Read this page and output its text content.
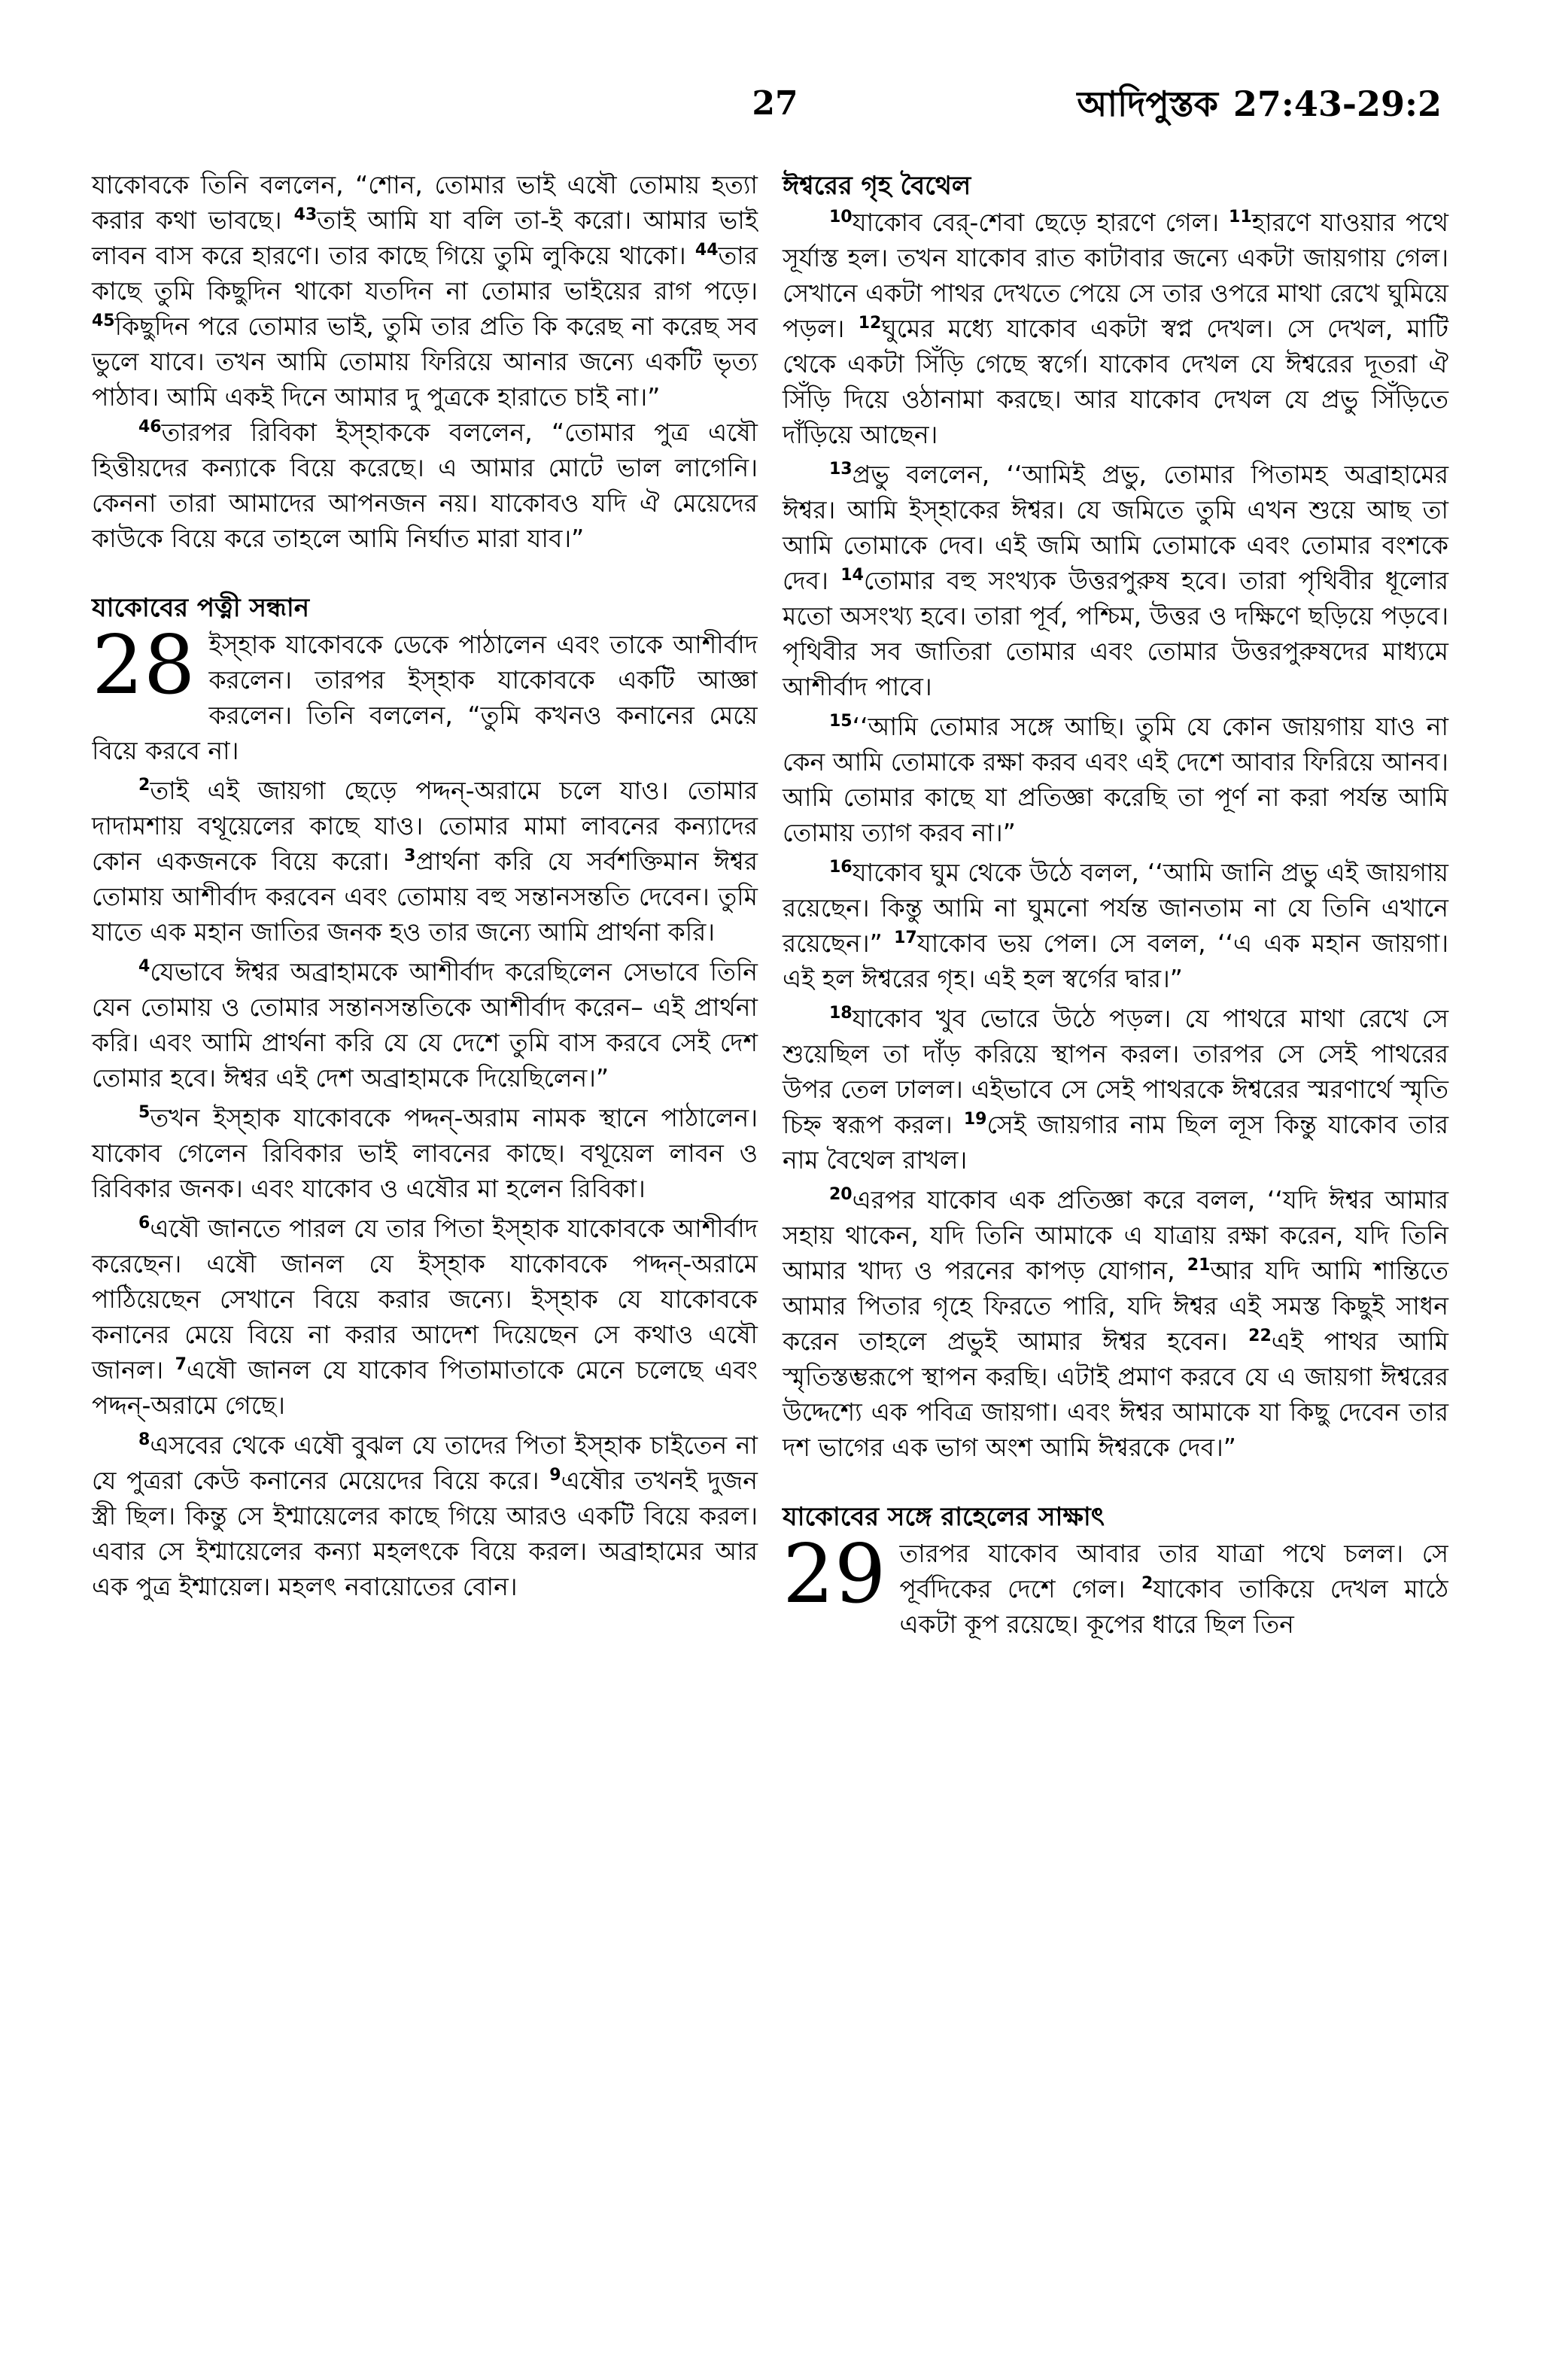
27	আদিপুস্তক 27:43-29:2

যাকোবকে তিনি বললেন, “শোন, তোমার ভাই এষৌ তোমায় হত্যা করার কথা ভাবছে। $^{43}$তাই আমি যা বলি তা-ই করো। আমার ভাই লাবন বাস করে হারণে। তার কাছে গিয়ে তুমি লুকিয়ে থাকো। $^{44}$তার কাছে তুমি কিছুদিন থাকো যতদিন না তোমার ভাইয়ের রাগ পড়ে। $^{45}$কিছুদিন পরে তোমার ভাই, তুমি তার প্রতি কি করেছ না করেছ সব ভুলে যাবে। তখন আমি তোমায় ফিরিয়ে আনার জন্যে একটি ভৃত্য পাঠাব। আমি একই দিনে আমার দু পুত্রকে হারাতে চাই না।”

$^{46}$তারপর রিবিকা ইস্হাককে বললেন, “তোমার পুত্র এষৌ হিত্তীয়দের কন্যাকে বিয়ে করেছে। এ আমার মোটে ভাল লাগেনি। কেননা তারা আমাদের আপনজন নয়। যাকোবও যদি ঐ মেয়েদের কাউকে বিয়ে করে তাহলে আমি নির্ঘাত মারা যাব।”

যাকোবের পত্নী সন্ধান

28 ইস্হাক যাকোবকে ডেকে পাঠালেন এবং তাকে আশীর্বাদ করলেন। তারপর ইস্হাক যাকোবকে একটি আজ্ঞা করলেন। তিনি বললেন, “তুমি কখনও কনানের মেয়ে বিয়ে করবে না।

$^2$তাই এই জায়গা ছেড়ে পদ্দন্-অরামে চলে যাও। তোমার দাদামশায় বথূয়েলের কাছে যাও। তোমার মামা লাবনের কন্যাদের কোন একজনকে বিয়ে করো। $^3$প্রার্থনা করি যে সর্বশক্তিমান ঈশ্বর তোমায় আশীর্বাদ করবেন এবং তোমায় বহু সন্তানসন্ততি দেবেন। তুমি যাতে এক মহান জাতির জনক হও তার জন্যে আমি প্রার্থনা করি।

$^4$যেভাবে ঈশ্বর অব্রাহামকে আশীর্বাদ করেছিলেন সেভাবে তিনি যেন তোমায় ও তোমার সন্তানসন্ততিকে আশীর্বাদ করেন– এই প্রার্থনা করি। এবং আমি প্রার্থনা করি যে যে দেশে তুমি বাস করবে সেই দেশ তোমার হবে। ঈশ্বর এই দেশ অব্রাহামকে দিয়েছিলেন।”

$^5$তখন ইস্হাক যাকোবকে পদ্দন্-অরাম নামক স্থানে পাঠালেন। যাকোব গেলেন রিবিকার ভাই লাবনের কাছে। বথূয়েল লাবন ও রিবিকার জনক। এবং যাকোব ও এষৌর মা হলেন রিবিকা।

$^6$এষৌ জানতে পারল যে তার পিতা ইস্হাক যাকোবকে আশীর্বাদ করেছেন। এষৌ জানল যে ইস্হাক যাকোবকে পদ্দন্-অরামে পাঠিয়েছেন সেখানে বিয়ে করার জন্যে। ইস্হাক যে যাকোবকে কনানের মেয়ে বিয়ে না করার আদেশ দিয়েছেন সে কথাও এষৌ জানল। $^7$এষৌ জানল যে যাকোব পিতামাতাকে মেনে চলেছে এবং পদ্দন্-অরামে গেছে।

$^8$এসবের থেকে এষৌ বুঝল যে তাদের পিতা ইস্হাক চাইতেন না যে পুত্ররা কেউ কনানের মেয়েদের বিয়ে করে। $^9$এষৌর তখনই দুজন স্ত্রী ছিল। কিন্তু সে ইশ্মায়েলের কাছে গিয়ে আরও একটি বিয়ে করল। এবার সে ইশ্মায়েলের কন্যা মহলৎকে বিয়ে করল। অব্রাহামের আর এক পুত্র ইশ্মায়েল। মহলৎ নবায়োতের বোন।

ঈশ্বরের গৃহ বৈথেল

$^{10}$যাকোব বের্-শেবা ছেড়ে হারণে গেল। $^{11}$হারণে যাওয়ার পথে সূর্যাস্ত হল। তখন যাকোব রাত কাটাবার জন্যে একটা জায়গায় গেল। সেখানে একটা পাথর দেখতে পেয়ে সে তার ওপরে মাথা রেখে ঘুমিয়ে পড়ল। $^{12}$ঘুমের মধ্যে যাকোব একটা স্বপ্ন দেখল। সে দেখল, মাটি থেকে একটা সিঁড়ি গেছে স্বর্গে। যাকোব দেখল যে ঈশ্বরের দূতরা ঐ সিঁড়ি দিয়ে ওঠানামা করছে। আর যাকোব দেখল যে প্রভু সিঁড়িতে দাঁড়িয়ে আছেন।

$^{13}$প্রভু বললেন, ‘‘আমিই প্রভু, তোমার পিতামহ অব্রাহামের ঈশ্বর। আমি ইস্হাকের ঈশ্বর। যে জমিতে তুমি এখন শুয়ে আছ তা আমি তোমাকে দেব। এই জমি আমি তোমাকে এবং তোমার বংশকে দেব। $^{14}$তোমার বহু সংখ্যক উত্তরপুরুষ হবে। তারা পৃথিবীর ধূলোর মতো অসংখ্য হবে। তারা পূর্ব, পশ্চিম, উত্তর ও দক্ষিণে ছড়িয়ে পড়বে। পৃথিবীর সব জাতিরা তোমার এবং তোমার উত্তরপুরুষদের মাধ্যমে আশীর্বাদ পাবে।

$^{15}$‘‘আমি তোমার সঙ্গে আছি। তুমি যে কোন জায়গায় যাও না কেন আমি তোমাকে রক্ষা করব এবং এই দেশে আবার ফিরিয়ে আনব। আমি তোমার কাছে যা প্রতিজ্ঞা করেছি তা পূর্ণ না করা পর্যন্ত আমি তোমায় ত্যাগ করব না।”

$^{16}$যাকোব ঘুম থেকে উঠে বলল, ‘‘আমি জানি প্রভু এই জায়গায় রয়েছেন। কিন্তু আমি না ঘুমনো পর্যন্ত জানতাম না যে তিনি এখানে রয়েছেন।” $^{17}$যাকোব ভয় পেল। সে বলল, ‘‘এ এক মহান জায়গা। এই হল ঈশ্বরের গৃহ। এই হল স্বর্গের দ্বার।”

$^{18}$যাকোব খুব ভোরে উঠে পড়ল। যে পাথরে মাথা রেখে সে শুয়েছিল তা দাঁড় করিয়ে স্থাপন করল। তারপর সে সেই পাথরের উপর তেল ঢালল। এইভাবে সে সেই পাথরকে ঈশ্বরের স্মরণার্থে স্মৃতি চিহ্ন স্বরূপ করল। $^{19}$সেই জায়গার নাম ছিল লূস কিন্তু যাকোব তার নাম বৈথেল রাখল।

$^{20}$এরপর যাকোব এক প্রতিজ্ঞা করে বলল, ‘‘যদি ঈশ্বর আমার সহায় থাকেন, যদি তিনি আমাকে এ যাত্রায় রক্ষা করেন, যদি তিনি আমার খাদ্য ও পরনের কাপড় যোগান, $^{21}$আর যদি আমি শান্তিতে আমার পিতার গৃহে ফিরতে পারি, যদি ঈশ্বর এই সমস্ত কিছুই সাধন করেন তাহলে প্রভুই আমার ঈশ্বর হবেন। $^{22}$এই পাথর আমি স্মৃতিস্তম্ভরূপে স্থাপন করছি। এটাই প্রমাণ করবে যে এ জায়গা ঈশ্বরের উদ্দেশ্যে এক পবিত্র জায়গা। এবং ঈশ্বর আমাকে যা কিছু দেবেন তার দশ ভাগের এক ভাগ অংশ আমি ঈশ্বরকে দেব।”

যাকোবের সঙ্গে রাহেলের সাক্ষাৎ

29 তারপর যাকোব আবার তার যাত্রা পথে চলল। সে পূর্বদিকের দেশে গেল। $^2$যাকোব তাকিয়ে দেখল মাঠে একটা কূপ রয়েছে। কূপের ধারে ছিল তিন
